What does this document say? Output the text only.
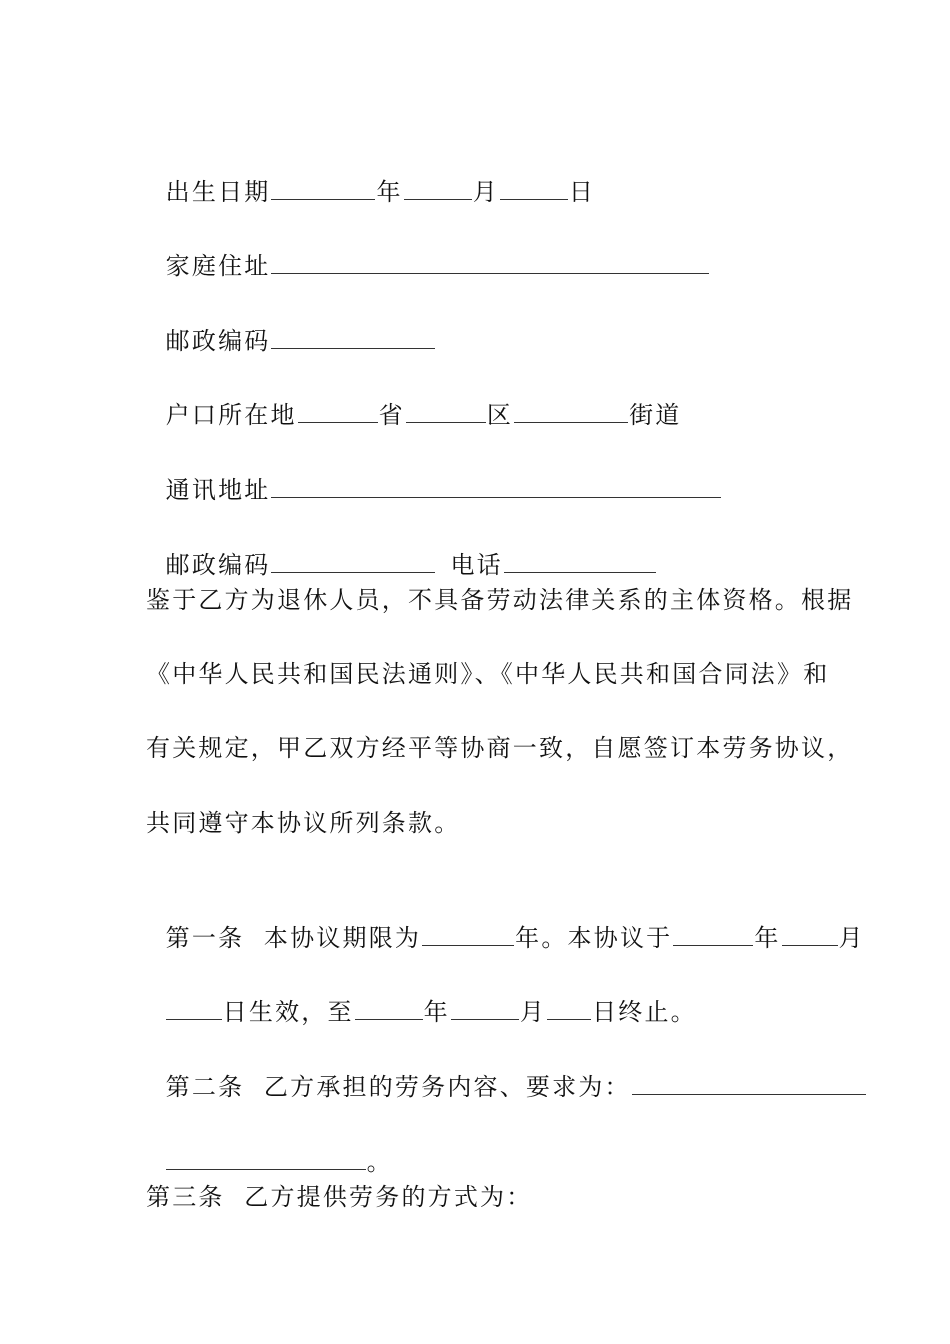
出生日期	年	月	日

家庭住址

邮政编码

户口所在地	省	区	街道

通讯地址

邮政编码	电话

鉴于乙方为退休人员，不具备劳动法律关系的主体资格。根据
《中华人民共和国民法通则》、《中华人民共和国合同法》和
有关规定，甲乙双方经平等协商一致，自愿签订本劳务协议，
共同遵守本协议所列条款。

第一条  本协议期限为	年。本协议于	年 月

日生效，至	年	月 日终止。

第二条  乙方承担的劳务内容、要求为：

。

第三条  乙方提供劳务的方式为：
